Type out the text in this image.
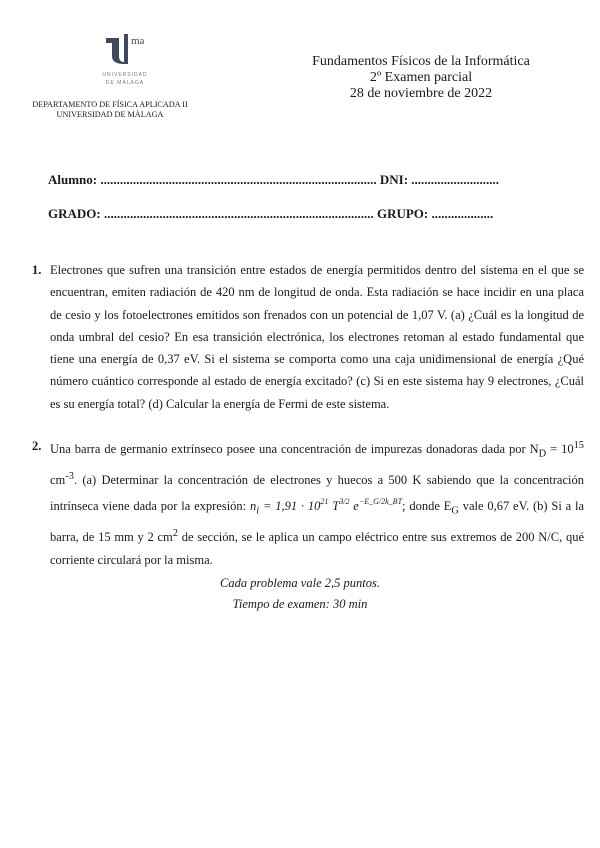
ma
UNIVERSIDAD
DE MÁLAGA
DEPARTAMENTO DE FÍSICA APLICADA II
UNIVERSIDAD DE MÁLAGA
Fundamentos Físicos de la Informática
2º Examen parcial
28 de noviembre de 2022
Alumno: ..................................................................................... DNI: ...........................
GRADO: ................................................................................... GRUPO: ...................
1. Electrones que sufren una transición entre estados de energía permitidos dentro del sistema en el que se encuentran, emiten radiación de 420 nm de longitud de onda. Esta radiación se hace incidir en una placa de cesio y los fotoelectrones emitidos son frenados con un potencial de 1,07 V. (a) ¿Cuál es la longitud de onda umbral del cesio? En esa transición electrónica, los electrones retoman al estado fundamental que tiene una energía de 0,37 eV. Si el sistema se comporta como una caja unidimensional de energía ¿Qué número cuántico corresponde al estado de energía excitado? (c) Si en este sistema hay 9 electrones, ¿Cuál es su energía total? (d) Calcular la energía de Fermi de este sistema.
2. Una barra de germanio extrínseco posee una concentración de impurezas donadoras dada por $N_D = 10^{15}$ $cm^{-3}$. (a) Determinar la concentración de electrones y huecos a 500 K sabiendo que la concentración intrínseca viene dada por la expresión: $n_i = 1,91 \cdot 10^{21}$ $T^{3/2}$ $e^{-E\_G/2k\_BT}$; donde $E_G$ vale 0,67 eV. (b) Si a la barra, de 15 mm y 2 $cm^2$ de sección, se le aplica un campo eléctrico entre sus extremos de 200 N/C, qué corriente circulará por la misma.
Cada problema vale 2,5 puntos.
Tiempo de examen: 30 min
